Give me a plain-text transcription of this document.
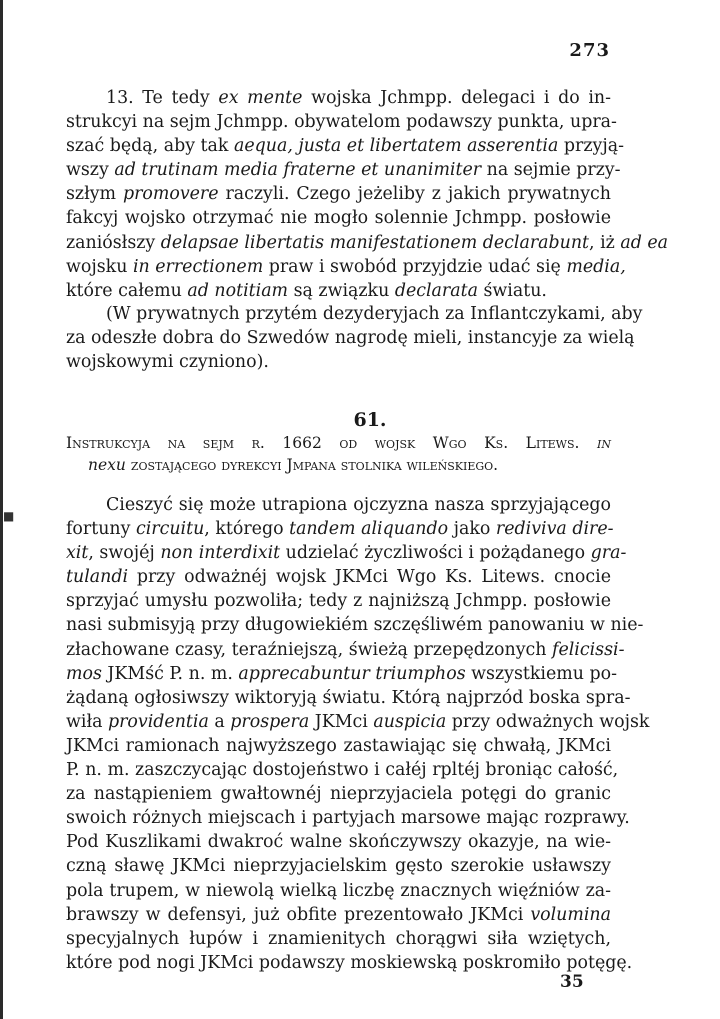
■
273
13. Te tedy ex mente wojska Jchmpp. delegaci i do in-
strukcyi na sejm Jchmpp. obywatelom podawszy punkta, upra-
szać będą, aby tak aequa, justa et libertatem asserentia przyją-
wszy ad trutinam media fraterne et unanimiter na sejmie przy-
szłym promovere raczyli. Czego jeżeliby z jakich prywatnych
fakcyj wojsko otrzymać nie mogło solennie Jchmpp. posłowie
zaniósłszy delapsae libertatis manifestationem declarabunt, iż ad ea
wojsku in errectionem praw i swobód przyjdzie udać się media,
które całemu ad notitiam są związku declarata światu.
(W prywatnych przytém dezyderyjach za Inflantczykami, aby
za odeszłe dobra do Szwedów nagrodę mieli, instancyje za wielą
wojskowymi czyniono).
61.
Instrukcyja na sejm r. 1662 od wojsk Wgo Ks. Litews. in
nexu zostającego dyrekcyi Jmpana stolnika wileńskiego.
Cieszyć się może utrapiona ojczyzna nasza sprzyjającego
fortuny circuitu, którego tandem aliquando jako rediviva dire-
xit, swojéj non interdixit udzielać życzliwości i pożądanego gra-
tulandi przy odważnéj wojsk JKMci Wgo Ks. Litews. cnocie
sprzyjać umysłu pozwoliła; tedy z najniższą Jchmpp. posłowie
nasi submisyją przy długowiekiém szczęśliwém panowaniu w nie-
złachowane czasy, teraźniejszą, świeżą przepędzonych felicissi-
mos JKMść P. n. m. apprecabuntur triumphos wszystkiemu po-
żądaną ogłosiwszy wiktoryją światu. Którą najprzód boska spra-
wiła providentia a prospera JKMci auspicia przy odważnych wojsk
JKMci ramionach najwyższego zastawiając się chwałą, JKMci
P. n. m. zaszczycając dostojeństwo i całéj rpltéj broniąc całość,
za nastąpieniem gwałtownéj nieprzyjaciela potęgi do granic
swoich różnych miejscach i partyjach marsowe mając rozprawy.
Pod Kuszlikami dwakroć walne skończywszy okazyje, na wie-
czną sławę JKMci nieprzyjacielskim gęsto szerokie usławszy
pola trupem, w niewolą wielką liczbę znacznych więźniów za-
brawszy w defensyi, już obfite prezentowało JKMci volumina
specyjalnych łupów i znamienitych chorągwi siła wziętych,
które pod nogi JKMci podawszy moskiewską poskromiło potęgę.
35
